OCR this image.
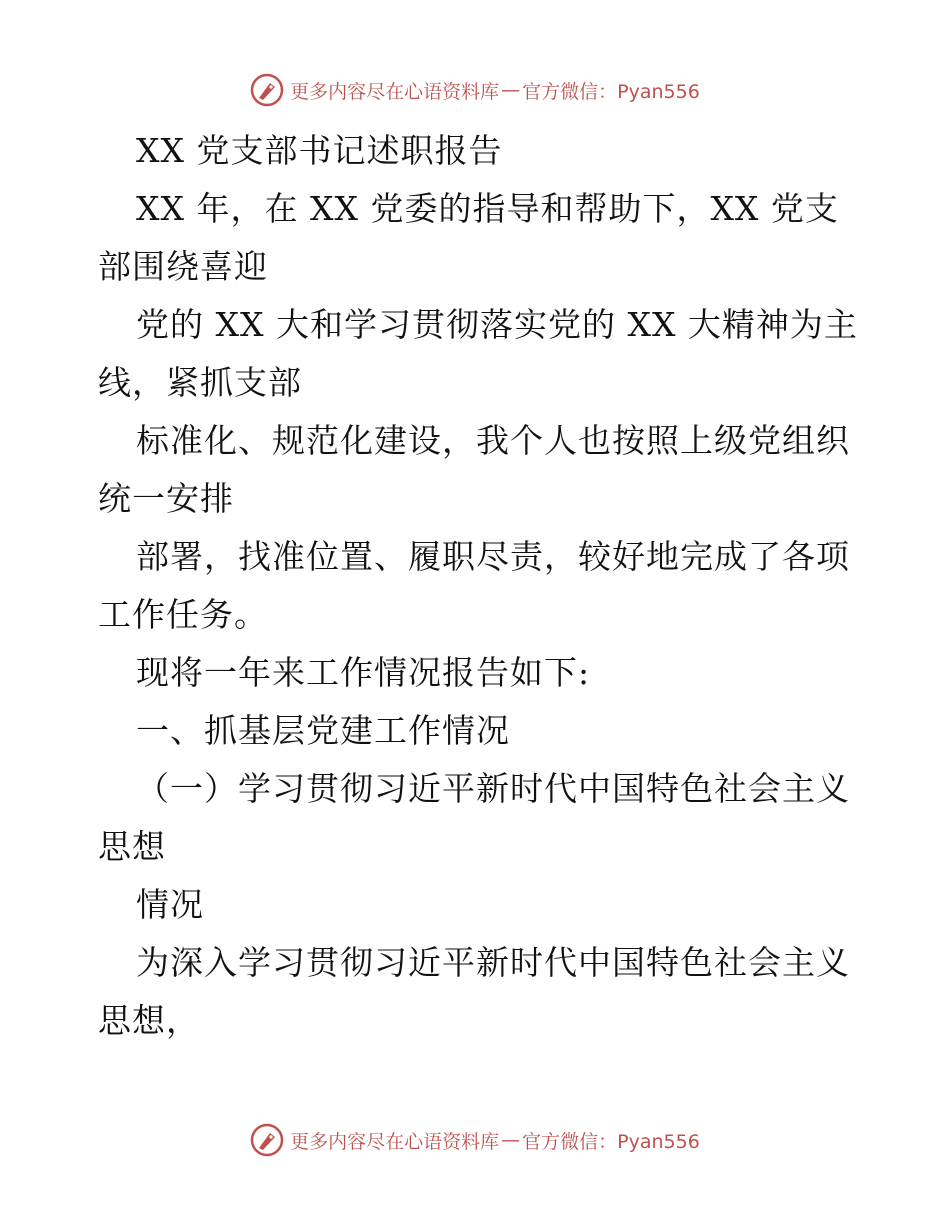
更多内容尽在心语资料库 — 官方微信：Pyan556

XX 党支部书记述职报告

XX 年，在 XX 党委的指导和帮助下，XX 党支部围绕喜迎

党的 XX 大和学习贯彻落实党的 XX 大精神为主线，紧抓支部

标准化、规范化建设，我个人也按照上级党组织统一安排

部署，找准位置、履职尽责，较好地完成了各项工作任务。

现将一年来工作情况报告如下:

一、抓基层党建工作情况

（一）学习贯彻习近平新时代中国特色社会主义思想

情况

为深入学习贯彻习近平新时代中国特色社会主义思想，

更多内容尽在心语资料库 — 官方微信：Pyan556
